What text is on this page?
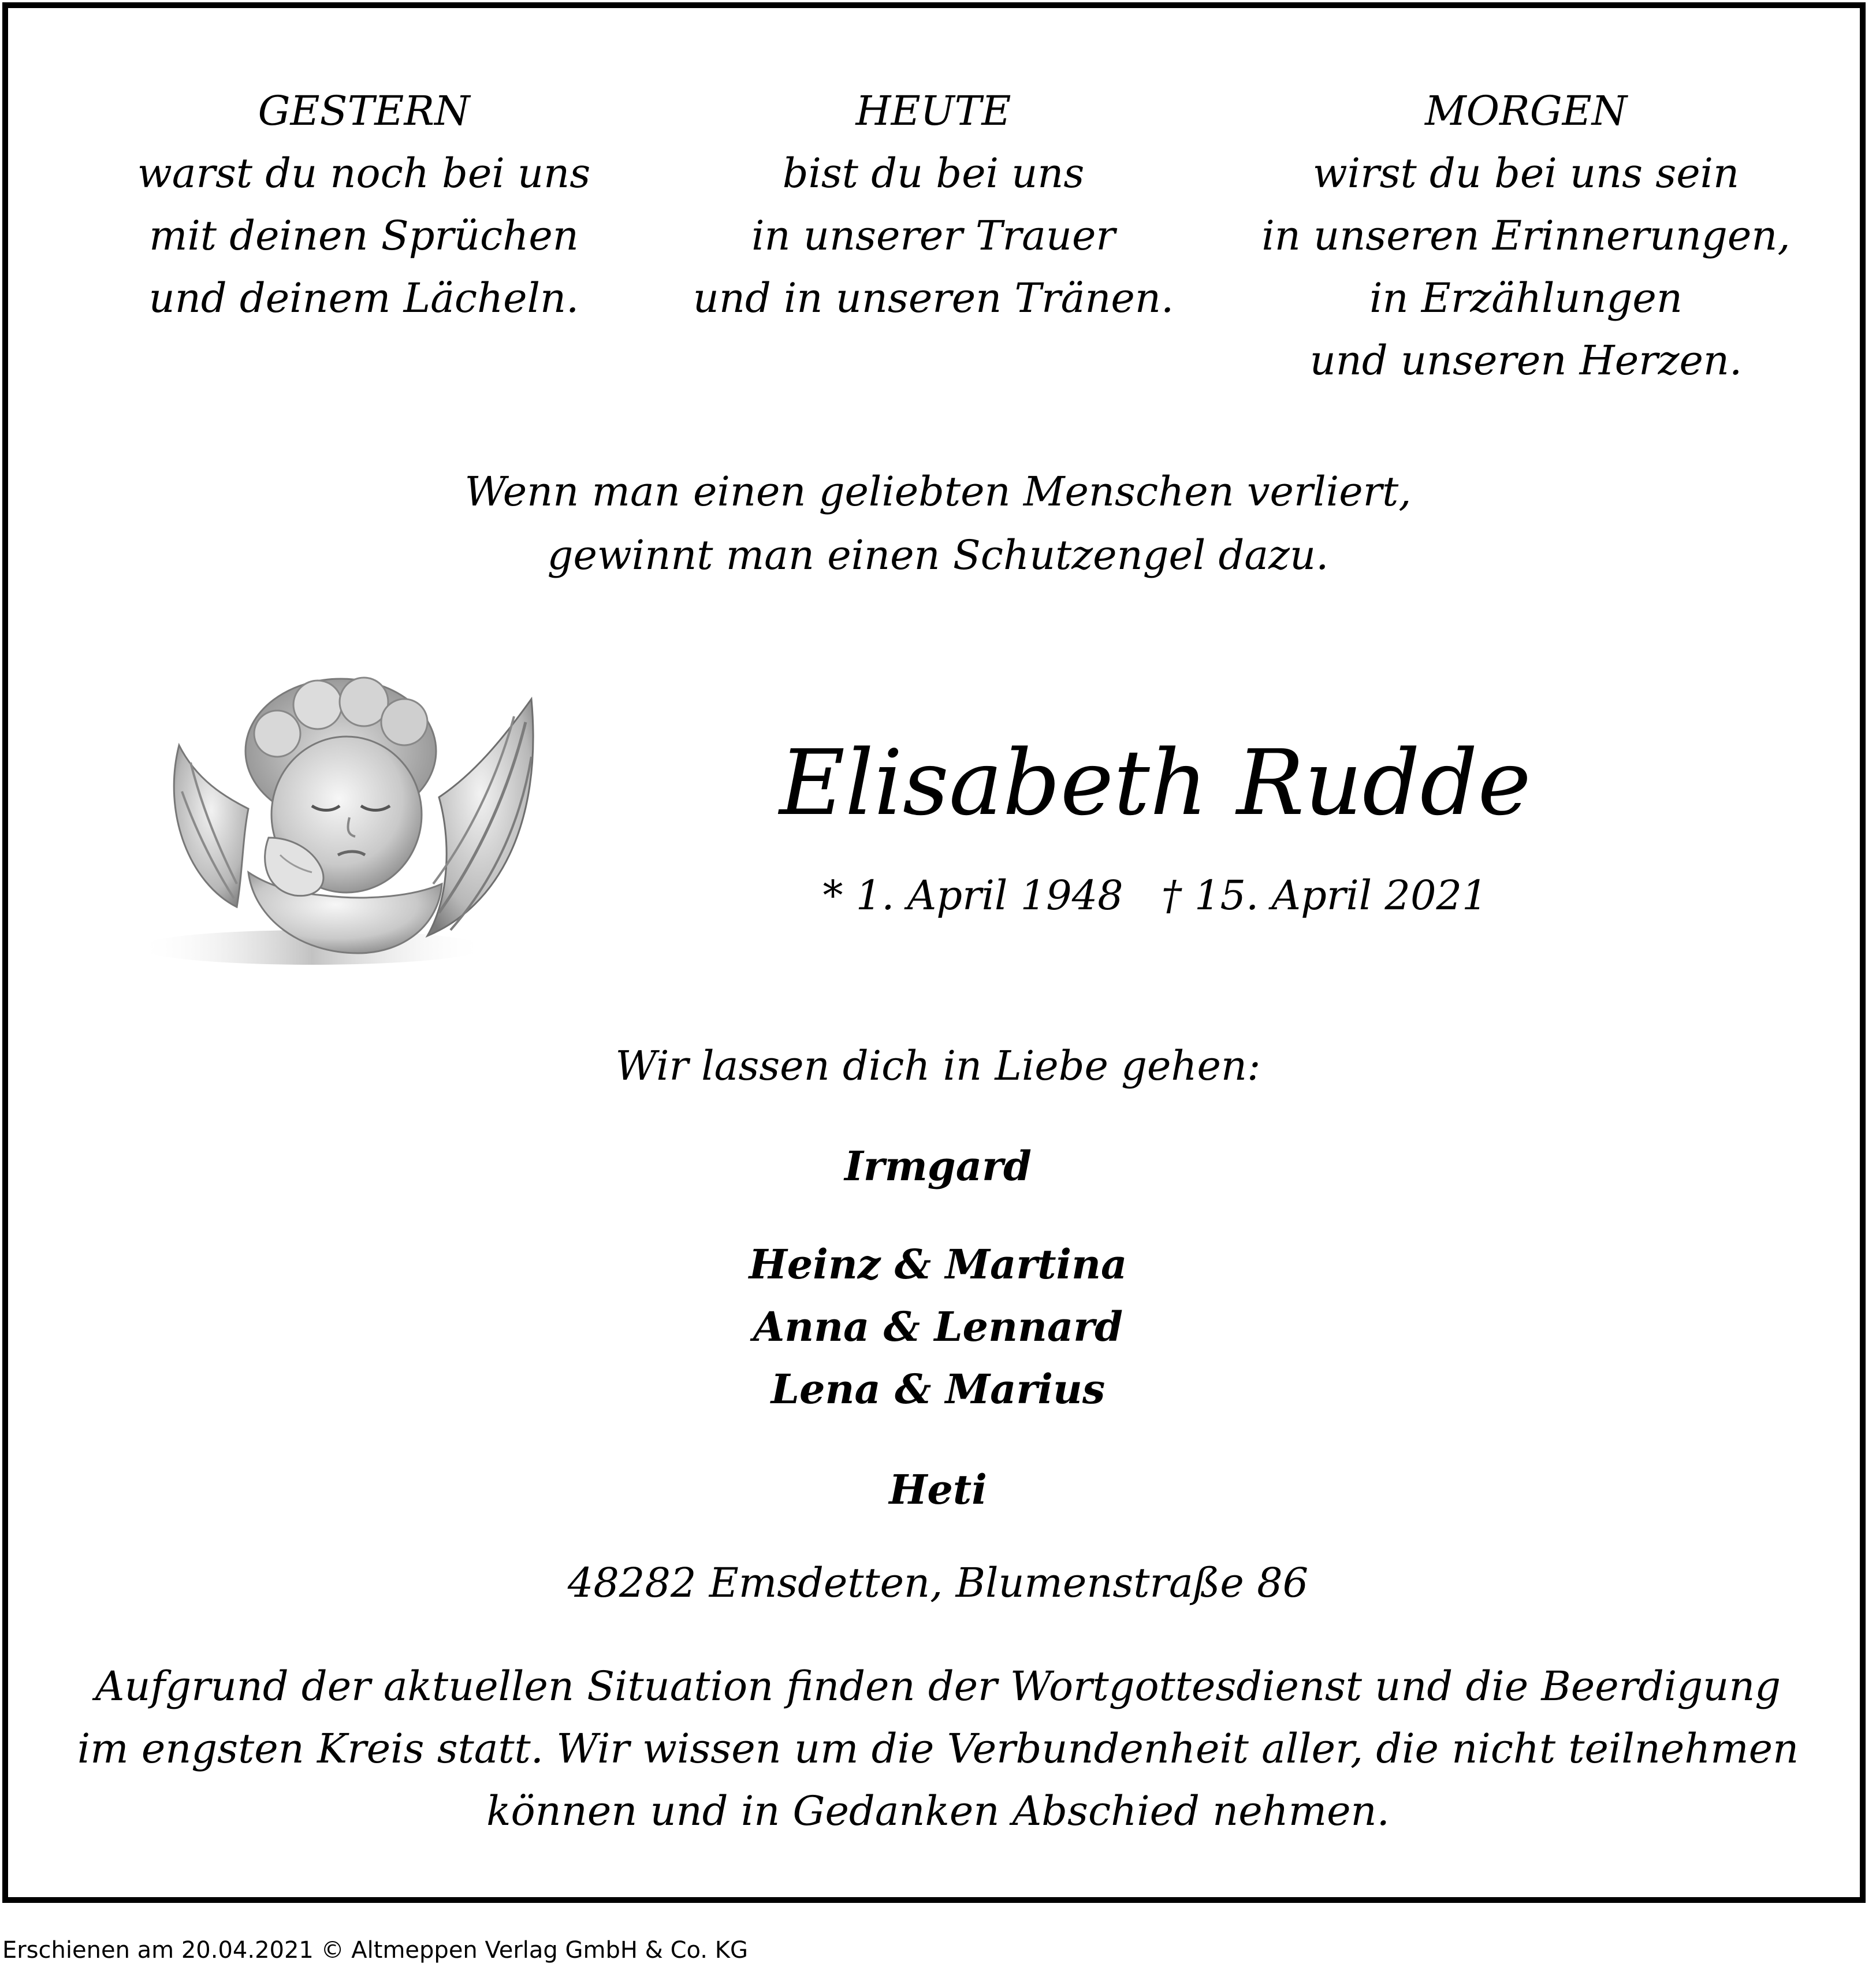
GESTERN
warst du noch bei uns
mit deinen Sprüchen
und deinem Lächeln.
HEUTE
bist du bei uns
in unserer Trauer
und in unseren Tränen.
MORGEN
wirst du bei uns sein
in unseren Erinnerungen,
in Erzählungen
und unseren Herzen.
Wenn man einen geliebten Menschen verliert,
gewinnt man einen Schutzengel dazu.
Elisabeth Rudde
* 1. April 1948 † 15. April 2021
Wir lassen dich in Liebe gehen:
Irmgard
Heinz & Martina
Anna & Lennard
Lena & Marius
Heti
48282 Emsdetten, Blumenstraße 86
Aufgrund der aktuellen Situation finden der Wortgottesdienst und die Beerdigung
im engsten Kreis statt. Wir wissen um die Verbundenheit aller, die nicht teilnehmen
können und in Gedanken Abschied nehmen.
Erschienen am 20.04.2021 © Altmeppen Verlag GmbH & Co. KG
